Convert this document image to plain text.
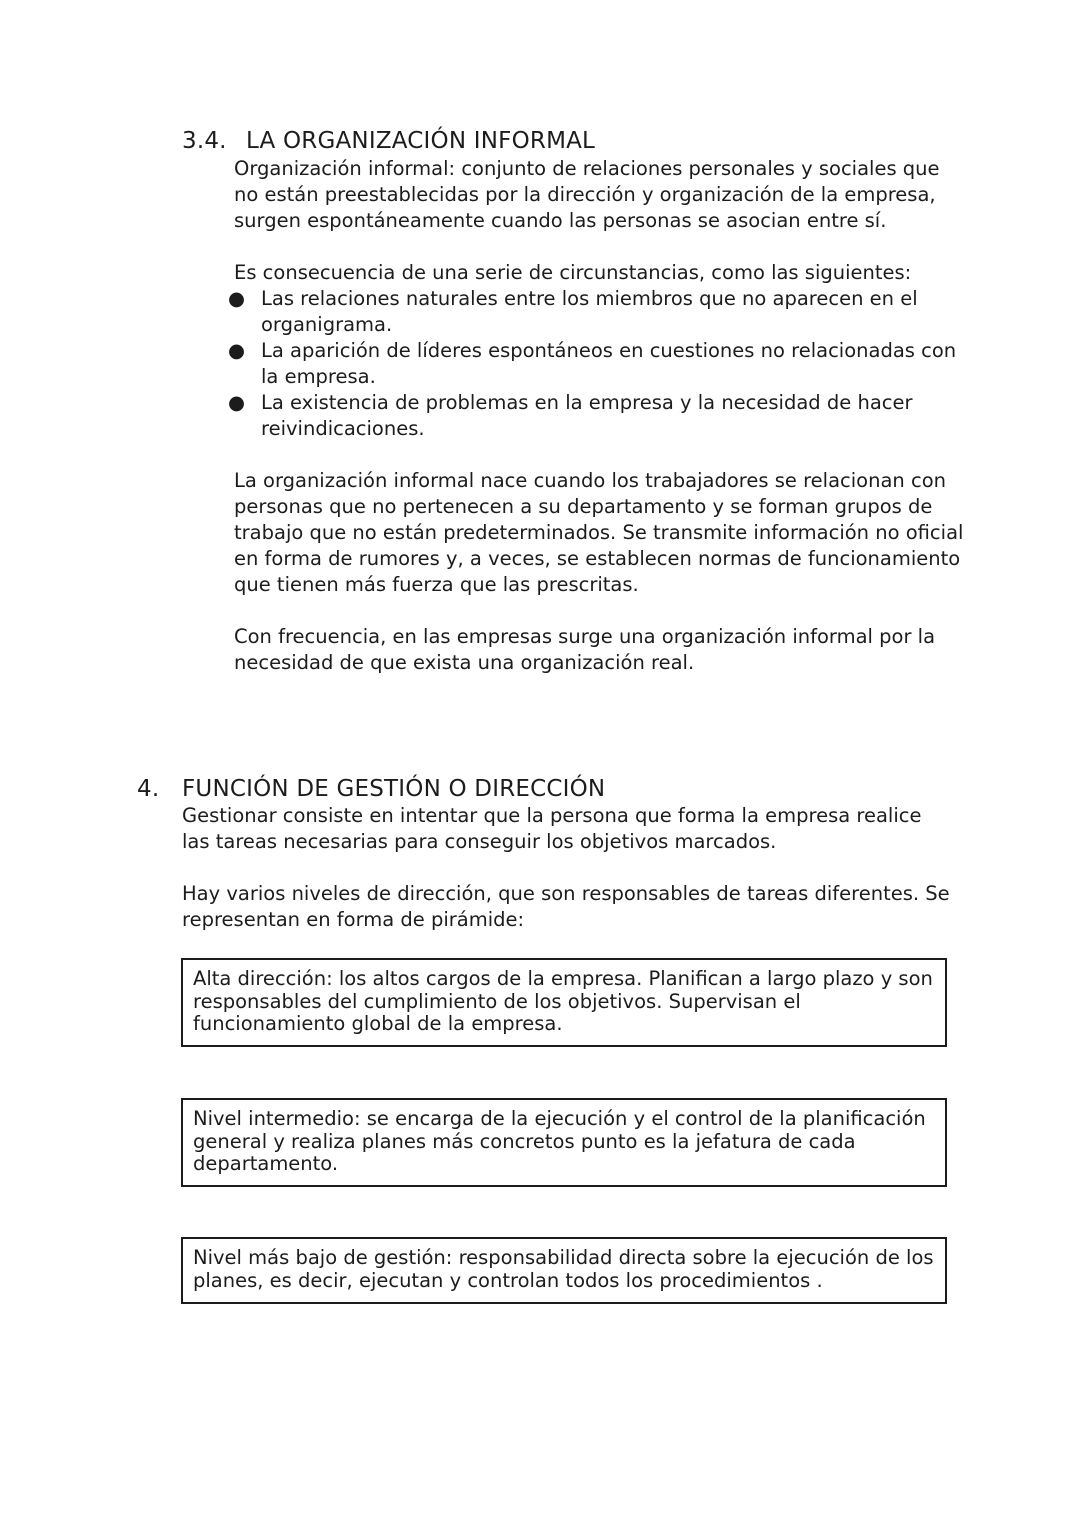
3.4. LA ORGANIZACIÓN INFORMAL

Organización informal: conjunto de relaciones personales y sociales que no están preestablecidas por la dirección y organización de la empresa, surgen espontáneamente cuando las personas se asocian entre sí.

Es consecuencia de una serie de circunstancias, como las siguientes:

● Las relaciones naturales entre los miembros que no aparecen en el organigrama.
● La aparición de líderes espontáneos en cuestiones no relacionadas con la empresa.
● La existencia de problemas en la empresa y la necesidad de hacer reivindicaciones.

La organización informal nace cuando los trabajadores se relacionan con personas que no pertenecen a su departamento y se forman grupos de trabajo que no están predeterminados. Se transmite información no oficial en forma de rumores y, a veces, se establecen normas de funcionamiento que tienen más fuerza que las prescritas.

Con frecuencia, en las empresas surge una organización informal por la necesidad de que exista una organización real.

4. FUNCIÓN DE GESTIÓN O DIRECCIÓN

Gestionar consiste en intentar que la persona que forma la empresa realice las tareas necesarias para conseguir los objetivos marcados.

Hay varios niveles de dirección, que son responsables de tareas diferentes. Se representan en forma de pirámide:

Alta dirección: los altos cargos de la empresa. Planifican a largo plazo y son responsables del cumplimiento de los objetivos. Supervisan el funcionamiento global de la empresa.
Nivel intermedio: se encarga de la ejecución y el control de la planificación general y realiza planes más concretos punto es la jefatura de cada departamento.
Nivel más bajo de gestión: responsabilidad directa sobre la ejecución de los planes, es decir, ejecutan y controlan todos los procedimientos .
